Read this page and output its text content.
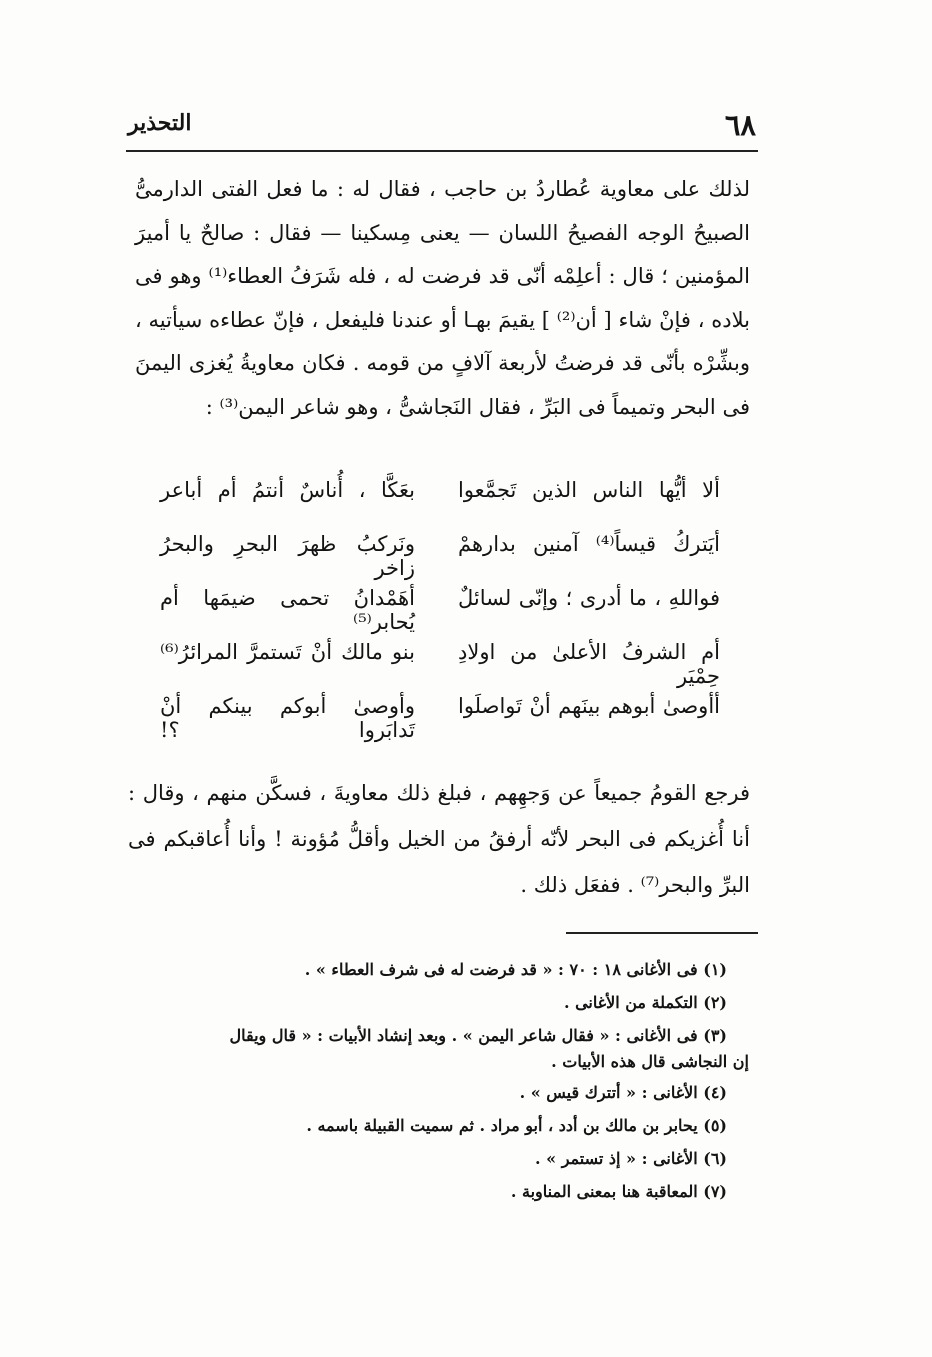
٦٨
التحذير

لذلك على معاوية عُطاردُ بن حاجب ، فقال له : ما فعل الفتى الدارمىُّ الصبيحُ الوجه الفصيحُ اللسان — يعنى مِسكينا — فقال : صالحٌ يا أميرَ المؤمنين ؛ قال : أعلِمْه أنّى قد فرضت له ، فله شَرَفُ العطاء⁽¹⁾ وهو فى بلاده ، فإنْ شاء [ أن⁽²⁾ ] يقيمَ بهـا أو عندنا فليفعل ، فإنّ عطاءه سيأتيه ، وبشِّرْه بأنّى قد فرضتُ لأربعة آلافٍ من قومه . فكان معاويةُ يُغزى اليمنَ فى البحر وتميماً فى البَرِّ ، فقال النَجاشىُّ ، وهو شاعر اليمن⁽³⁾ :

ألا أيُّها الناس الذين تَجمَّعوا
بعَكَّا ، أُناسٌ أنتمُ أم أباعر
أيَتركُ قيساً⁽⁴⁾ آمنين بدارهمْ
ونَركبُ ظهرَ البحرِ والبحرُ زاخر
فواللهِ ، ما أدرى ؛ وإنّى لسائلٌ
أهَمْدانُ تحمى ضيمَها أم يُحابر⁽⁵⁾
أم الشرفُ الأعلىٰ من اولادِ حِمْيَر
بنو مالك أنْ تَستمرَّ المرائرُ⁽⁶⁾
أأوصىٰ أبوهم بينَهم أنْ تَواصلَوا
وأوصىٰ أبوكم بينكم أنْ تَدابَروا ؟!

فرجع القومُ جميعاً عن وَجهِهم ، فبلغ ذلك معاويةَ ، فسكَّن منهم ، وقال : أنا أُغزيكم فى البحر لأنّه أرفقُ من الخيل وأقلُّ مُؤونة ! وأنا أُعاقبكم فى البرِّ والبحر⁽⁷⁾ . ففعَل ذلك .

(١) فى الأغانى ١٨ : ٧٠ : « قد فرضت له فى شرف العطاء » .

(٢) التكملة من الأغانى .

(٣) فى الأغانى : « فقال شاعر اليمن » . وبعد إنشاد الأبيات : « قال ويقال
إن النجاشى قال هذه الأبيات .

(٤) الأغانى : « أتترك قيس » .

(٥) يحابر بن مالك بن أدد ، أبو مراد . ثم سميت القبيلة باسمه .

(٦) الأغانى : « إذ تستمر » .

(٧) المعاقبة هنا بمعنى المناوبة .
